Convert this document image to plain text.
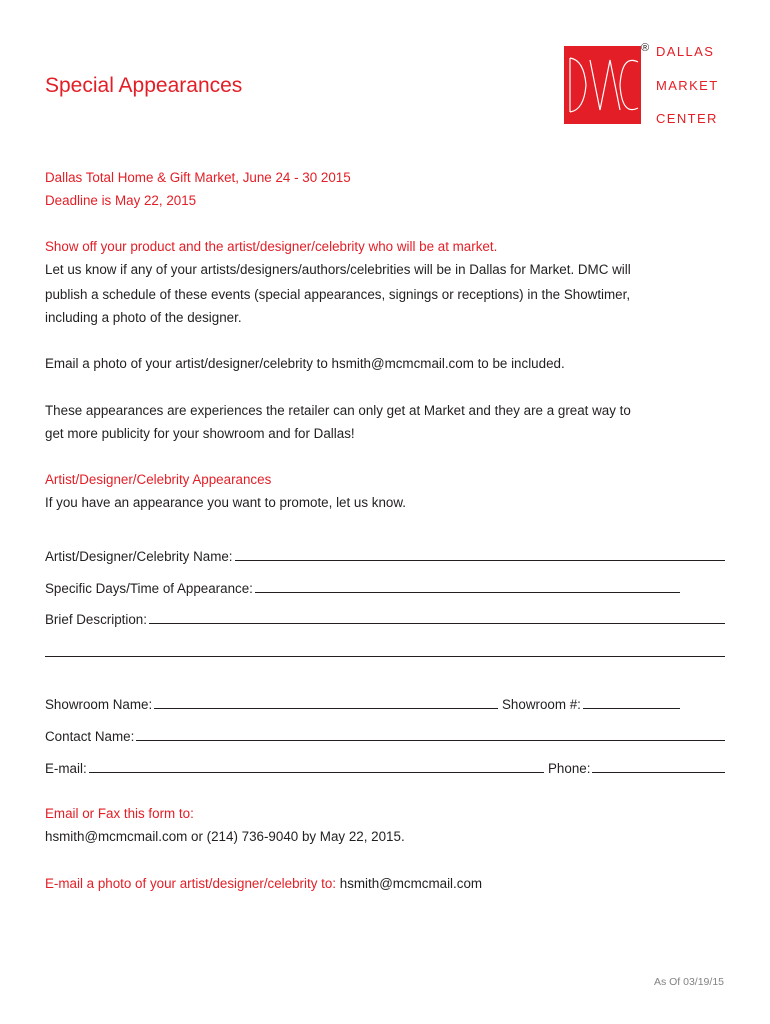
Special Appearances
® DALLAS
MARKET
CENTER
Dallas Total Home & Gift Market, June 24 - 30 2015
Deadline is May 22, 2015
Show off your product and the artist/designer/celebrity who will be at market.
Let us know if any of your artists/designers/authors/celebrities will be in Dallas for Market. DMC will
publish a schedule of these events (special appearances, signings or receptions) in the Showtimer,
including a photo of the designer.
Email a photo of your artist/designer/celebrity to hsmith@mcmcmail.com to be included.
These appearances are experiences the retailer can only get at Market and they are a great way to
get more publicity for your showroom and for Dallas!
Artist/Designer/Celebrity Appearances
If you have an appearance you want to promote, let us know.
Artist/Designer/Celebrity Name:
Specific Days/Time of Appearance:
Brief Description:
Showroom Name:	Showroom #:
Contact Name:
E-mail:	Phone:
Email or Fax this form to:
hsmith@mcmcmail.com or (214) 736-9040 by May 22, 2015.
E-mail a photo of your artist/designer/celebrity to: hsmith@mcmcmail.com
As Of 03/19/15
